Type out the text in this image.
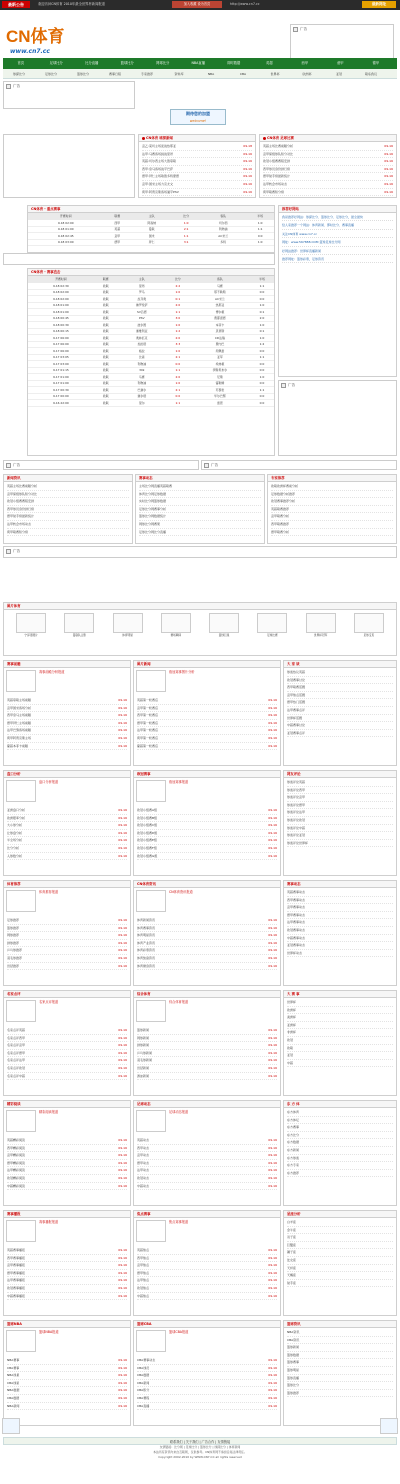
最新公告	欢迎访问CN体育 2010年最全世界杯新闻报道	加入收藏 设为首页	http://www.cn7.cc	最新网址
CN体育
www.cn7.cc
广告
首页	足球比分	比分直播	篮球比分	网球比分	NBA直播	即时数据	英超	西甲	意甲	德甲
球探比分	足球比分	篮球比分	赛事日程	专家推荐	资料库	NBA	CBA	世界杯	欧洲杯	亚冠	联系我们
广告
CN体育 球探新闻
意乙:莱切主场迎战热那亚	09-18
法甲:马赛客场挑战里昂	09-16
英超:切尔西主场大胜曼联	09-16
西甲:皇马客场战平巴萨	09-16
德甲:拜仁主场取胜多特蒙德	09-16
意甲:国米主场力克尤文	09-16
荷甲:阿贾克斯客场逼平PSV	09-16
CN体育 足球比赛
英超主场比赛前瞻分析	09-16
意甲保级球队积分对比	09-16
欧冠小组赛赛程安排	09-16
西甲球员身价排行榜	09-16
德甲射手榜最新统计	09-16
法甲转会市场动态	09-16
荷甲联赛积分榜	09-16
期待您的加盟
welcome!
CN体育 - 重点赛事
开赛时间	联赛	主队	比分	客队	半场
9-18 02:00	西甲	阿森纳	1:0	切尔西	1:0
9-18 01:00	英超	曼联	2:1	利物浦	1:1
9-18 02:45	意甲	国米	1:1	AC米兰	0:0
9-18 03:00	德甲	拜仁	3:1	多特	1:0
CN体育 - 赛事直击
开赛时间	联赛	主队	比分	客队	半场
9-18 02:30	欧联	里昂	2:2	马赛	1:1
9-18 02:00	欧联	罗马	1:0	那不勒斯	0:0
9-18 02:00	欧联	拉齐奥	0:1	AC米兰	0:0
9-18 01:00	欧联	佛罗伦萨	2:0	热那亚	1:0
9-18 01:00	欧联	SV吕德	1:1	博尔顿	0:1
9-18 00:45	欧联	PSV	3:0	费耶诺德	2:0
9-18 00:30	欧联	波尔图	1:0	本菲卡	1:0
9-18 00:15	欧联	塞维利亚	1:2	贝蒂斯	0:1
9-17 06:00	欧联	奥林匹克	2:0	CD法瑞	1:0
9-17 06:00	欧联	加拉塔	3:3	费内巴	1:2
9-17 06:00	欧联	格拉	1:0	坦佩雷	0:0
9-17 03:05	欧联	比森	2:1	亚军	1:1
9-17 03:00	欧联	利物浦	0:0	埃弗顿	0:0
9-17 01:15	欧联	30k	1:1	伊斯坦布尔	0:0
9-17 01:00	欧联	马赛	2:0	尼斯	1:0
9-17 01:00	欧联	利物浦	1:0	富勒姆	0:0
9-17 00:30	欧联	巴塞尔	2:1	苏黎世	1:1
9-17 00:00	欧联	塞尔塔	0:0	毕尔巴鄂	0:0
9-16 22:00	欧联	里尔	1:1	雷恩	0:0
推荐好网站
我是推荐好网站：球探比分、篮球比分、足球比分，最全最快
给人家推荐一个网站：体育新闻、即时比分、赛事直播
关注CN体育 www.cn7.cc
网址：www.567888.COM 篮球足球比分网
好网站推荐：世界杯直播新闻
推荐网址：篮球彩票，足球资讯
广告
广告	广告
新闻资讯
英超主场比赛前瞻分析
意甲保级球队积分对比
欧冠小组赛赛程安排
西甲球员身价排行榜
德甲射手榜最新统计
法甲转会市场动态
荷甲联赛积分榜
赛事动态
主场比分网直播英超联赛
体育比分网足球数据
实时比分网篮球数据
足球比分网赛事分析
篮球比分网数据统计
网球比分网赛果
足球比分网比分直播
专家推荐
欧联欧洲杯赛前分析
足球数据分析推荐
欧冠赛事推荐分析
英超联赛推荐
意甲联赛分析
西甲联赛推荐
德甲联赛分析
广告
图片体育
宁泽涛图片	曼联队合影	体育明星	赛场瞬间	篮球巨星	足球比赛	世界杯冠军	足球宝贝
赛事前瞻
赛事前瞻分析报道
英超曼联主场前瞻	09-16
意甲国米客场分析	09-16
西甲皇马主场前瞻	09-16
德甲拜仁主场前瞻	09-16
法甲巴黎客场前瞻	09-16
荷甲阿贾克斯主场	09-16
葡超本菲卡前瞻	09-16
图片新闻
欧冠赛事图片分析
英超第一轮赛后	09-16
意甲第一轮赛后	09-16
西甲第一轮赛后	09-16
德甲第一轮赛后	09-16
法甲第一轮赛后	09-16
荷甲第一轮赛后	09-16
葡超第一轮赛后	09-16
大 家 谈
球迷热议英超
欧冠赛事讨论
西甲联赛话题
意甲焦点话题
德甲热门话题
法甲赛事点评
世界杯话题
中超赛事讨论
亚冠赛事点评
盘口分析
盘口分析报道
亚洲盘口分析	09-16
欧洲赔率分析	09-16
大小球分析	09-16
让球盘分析	09-16
半全场分析	09-16
比分分析	09-16
入球数分析	09-16
欧冠赛事
欧冠赛事报道
欧冠小组赛A组	09-16
欧冠小组赛B组	09-16
欧冠小组赛C组	09-16
欧冠小组赛D组	09-16
欧冠小组赛E组	09-16
欧冠小组赛F组	09-16
欧冠小组赛G组	09-16
网友评论
球迷评论英超
球迷评论西甲
球迷评论意甲
球迷评论德甲
球迷评论法甲
球迷评论欧冠
球迷评论中超
球迷评论亚冠
球迷评论世界杯
体育推荐
体育推荐报道
足球推荐	09-16
篮球推荐	09-16
网球推荐	09-16
排球推荐	09-16
乒乓球推荐	09-16
羽毛球推荐	09-16
田径推荐	09-16
CN体育资讯
CN体育资讯报道
体育新闻资讯	09-16
体育赛事资讯	09-16
体育明星资讯	09-16
体育产业资讯	09-16
体育彩票资讯	09-16
体育装备资讯	09-16
体育健身资讯	09-16
赛事动态
英超赛事动态
西甲赛事动态
意甲赛事动态
德甲赛事动态
法甲赛事动态
欧冠赛事动态
中超赛事动态
亚冠赛事动态
世界杯动态
名家点评
名家点评报道
名家点评英超	09-16
名家点评西甲	09-16
名家点评意甲	09-16
名家点评德甲	09-16
名家点评法甲	09-16
名家点评欧冠	09-16
名家点评中超	09-16
综合体育
综合体育报道
篮球新闻	09-16
网球新闻	09-16
排球新闻	09-16
乒乓球新闻	09-16
羽毛球新闻	09-16
田径新闻	09-16
游泳新闻	09-16
大 赛 事
世界杯
欧洲杯
美洲杯
亚洲杯
非洲杯
欧冠
欧联
亚冠
中超
精彩阅读
精彩阅读报道
英超精彩阅读	09-16
西甲精彩阅读	09-16
意甲精彩阅读	09-16
德甲精彩阅读	09-16
法甲精彩阅读	09-16
欧冠精彩阅读	09-16
中超精彩阅读	09-16
足球动态
足球动态报道
英超动态	09-16
西甲动态	09-16
意甲动态	09-16
德甲动态	09-16
法甲动态	09-16
欧冠动态	09-16
中超动态	09-16
东 方 体
东方体育
东方体坛
东方赛事
东方比分
东方数据
东方新闻
东方球迷
东方专家
东方推荐
赛事播报
赛事播报报道
英超赛事播报	09-16
西甲赛事播报	09-16
意甲赛事播报	09-16
德甲赛事播报	09-16
法甲赛事播报	09-16
欧冠赛事播报	09-16
中超赛事播报	09-16
焦点赛事
焦点赛事报道
英超焦点	09-16
西甲焦点	09-16
意甲焦点	09-16
德甲焦点	09-16
法甲焦点	09-16
欧冠焦点	09-16
中超焦点	09-16
星座分析
白羊座
金牛座
双子座
巨蟹座
狮子座
处女座
天秤座
天蝎座
射手座
篮球NBA
篮球NBA报道
NBA赛事	09-16
CBA赛事	09-16
NBA球星	09-16
CBA球星	09-16
NBA数据	09-16
CBA数据	09-16
NBA新闻	09-16
篮球CBA
篮球CBA报道
CBA赛事动态	09-16
CBA球员	09-16
CBA数据	09-16
CBA新闻	09-16
CBA积分	09-16
CBA赛程	09-16
CBA直播	09-16
篮球资讯
NBA资讯
CBA资讯
篮球新闻
篮球数据
篮球赛事
篮球明星
篮球直播
篮球比分
篮球推荐
联系我们 | 关于我们 | 广告合作 | 友情链接

友情链接：比分网 | 足球比分 | 篮球比分 | 球探比分 | 体育新闻

本站所有资讯均来自互联网，仅供参考。CN体育网不承担任何法律责任。

Copyright 2002-2010 by WWW.CN7.CC all rights reserved
